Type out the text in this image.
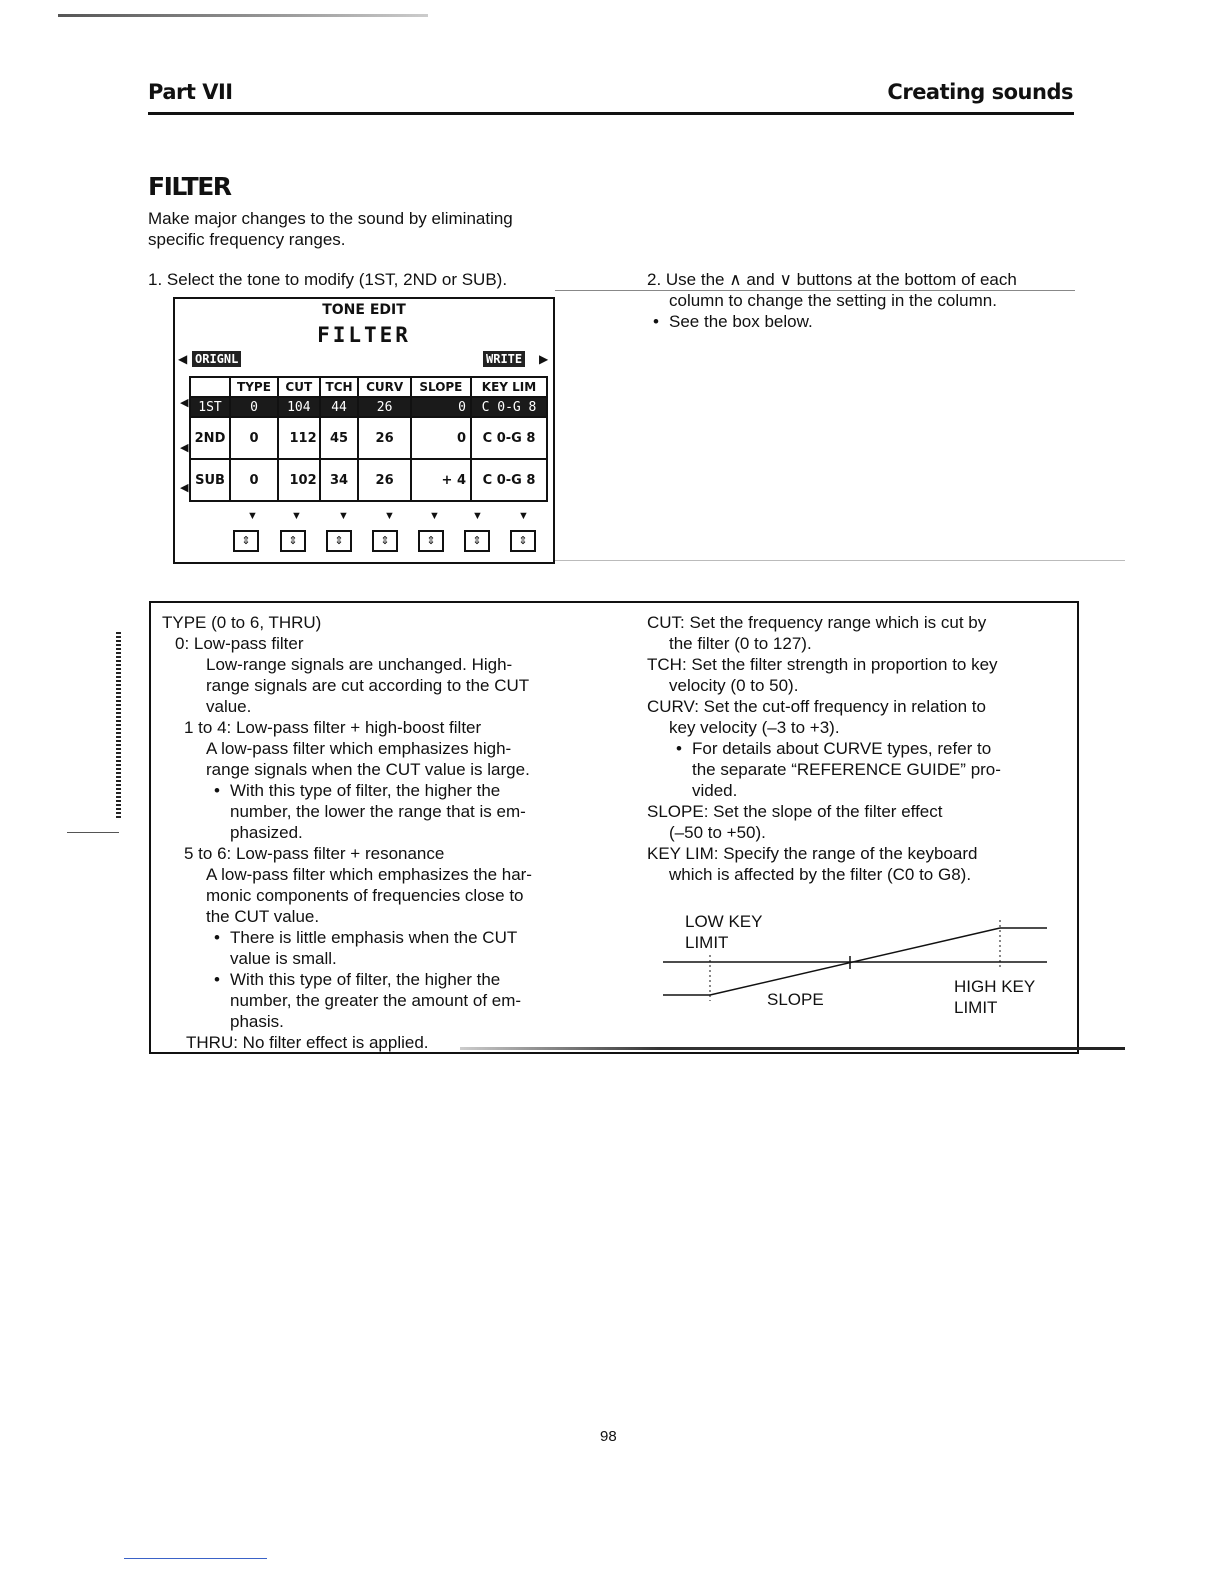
Part VII	Creating sounds
FILTER
Make major changes to the sound by eliminating
specific frequency ranges.
1. Select the tone to modify (1ST, 2ND or SUB).	2. Use the ∧ and ∨ buttons at the bottom of each
column to change the setting in the column.
• See the box below.
TONE EDIT
FILTER
◀ ORIGNL	WRITE ▶
◀
◀
◀
	TYPE	CUT	TCH	CURV	SLOPE	KEY LIM
1ST	0	104	44	26	0	C 0-G 8
2ND	0	112	45	26	0	C 0-G 8
SUB	0	102	34	26	+ 4	C 0-G 8
▼	▼	▼	▼	▼	▼	▼
⇕	⇕	⇕	⇕	⇕	⇕	⇕
TYPE (0 to 6, THRU)
0: Low-pass filter
Low-range signals are unchanged. High-
range signals are cut according to the CUT
value.
1 to 4: Low-pass filter + high-boost filter
A low-pass filter which emphasizes high-
range signals when the CUT value is large.
• With this type of filter, the higher the
number, the lower the range that is em-
phasized.
5 to 6: Low-pass filter + resonance
A low-pass filter which emphasizes the har-
monic components of frequencies close to
the CUT value.
• There is little emphasis when the CUT
value is small.
• With this type of filter, the higher the
number, the greater the amount of em-
phasis.
THRU: No filter effect is applied.
CUT: Set the frequency range which is cut by
the filter (0 to 127).
TCH: Set the filter strength in proportion to key
velocity (0 to 50).
CURV: Set the cut-off frequency in relation to
key velocity (–3 to +3).
• For details about CURVE types, refer to
the separate “REFERENCE GUIDE” pro-
vided.
SLOPE: Set the slope of the filter effect
(–50 to +50).
KEY LIM: Specify the range of the keyboard
which is affected by the filter (C0 to G8).
LOW KEY
LIMIT
SLOPE
HIGH KEY
LIMIT
98
